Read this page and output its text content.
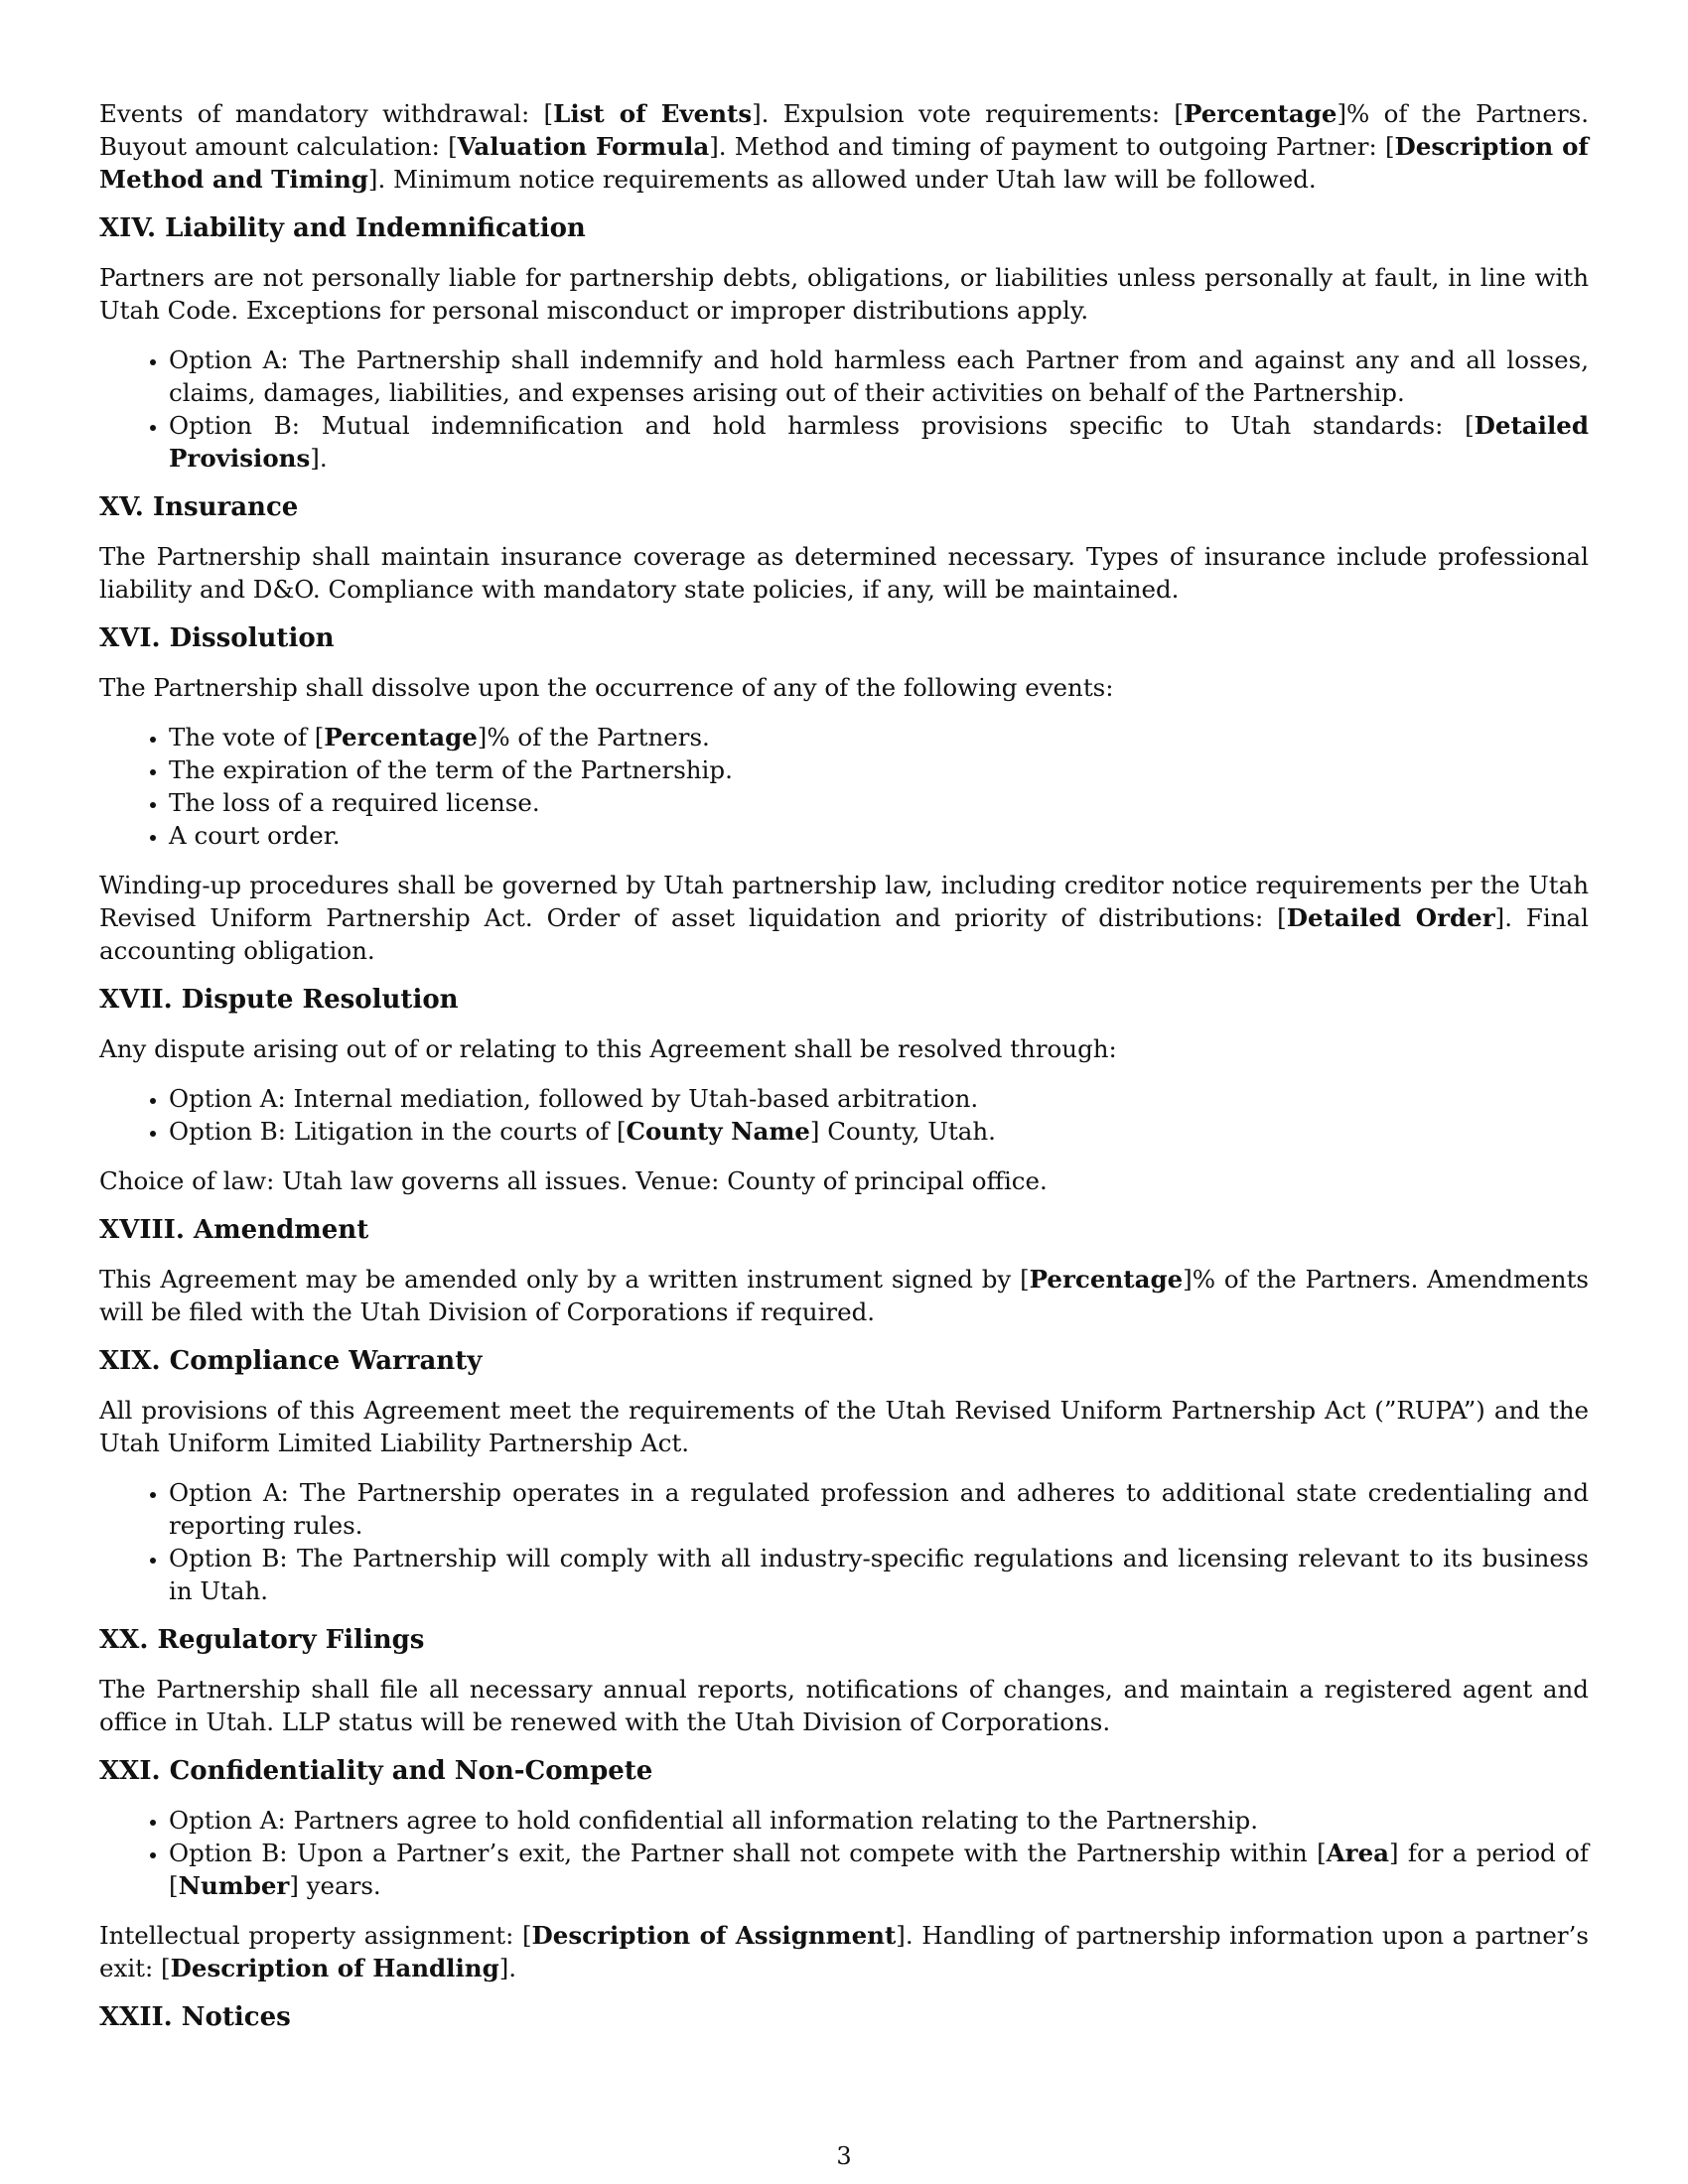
Events of mandatory withdrawal: [List of Events]. Expulsion vote requirements: [Percentage]% of the Partners. Buyout amount calculation: [Valuation Formula]. Method and timing of payment to outgoing Partner: [Description of Method and Timing]. Minimum notice requirements as allowed under Utah law will be followed.

XIV. Liability and Indemnification

Partners are not personally liable for partnership debts, obligations, or liabilities unless personally at fault, in line with Utah Code. Exceptions for personal misconduct or improper distributions apply.

• Option A: The Partnership shall indemnify and hold harmless each Partner from and against any and all losses, claims, damages, liabilities, and expenses arising out of their activities on behalf of the Partnership.
• Option B: Mutual indemnification and hold harmless provisions specific to Utah standards: [Detailed Provisions].
XV. Insurance

The Partnership shall maintain insurance coverage as determined necessary. Types of insurance include professional liability and D&O. Compliance with mandatory state policies, if any, will be maintained.

XVI. Dissolution

The Partnership shall dissolve upon the occurrence of any of the following events:

• The vote of [Percentage]% of the Partners.
• The expiration of the term of the Partnership.
• The loss of a required license.
• A court order.

Winding-up procedures shall be governed by Utah partnership law, including creditor notice requirements per the Utah Revised Uniform Partnership Act. Order of asset liquidation and priority of distributions: [Detailed Order]. Final accounting obligation.

XVII. Dispute Resolution

Any dispute arising out of or relating to this Agreement shall be resolved through:

• Option A: Internal mediation, followed by Utah-based arbitration.
• Option B: Litigation in the courts of [County Name] County, Utah.

Choice of law: Utah law governs all issues. Venue: County of principal office.

XVIII. Amendment

This Agreement may be amended only by a written instrument signed by [Percentage]% of the Partners. Amendments will be filed with the Utah Division of Corporations if required.

XIX. Compliance Warranty

All provisions of this Agreement meet the requirements of the Utah Revised Uniform Partnership Act (”RUPA”) and the Utah Uniform Limited Liability Partnership Act.

• Option A: The Partnership operates in a regulated profession and adheres to additional state credentialing and reporting rules.
• Option B: The Partnership will comply with all industry-specific regulations and licensing relevant to its business in Utah.
XX. Regulatory Filings

The Partnership shall file all necessary annual reports, notifications of changes, and maintain a registered agent and office in Utah. LLP status will be renewed with the Utah Division of Corporations.

XXI. Confidentiality and Non-Compete
• Option A: Partners agree to hold confidential all information relating to the Partnership.
• Option B: Upon a Partner’s exit, the Partner shall not compete with the Partnership within [Area] for a period of [Number] years.

Intellectual property assignment: [Description of Assignment]. Handling of partnership information upon a partner’s exit: [Description of Handling].

XXII. Notices
3
